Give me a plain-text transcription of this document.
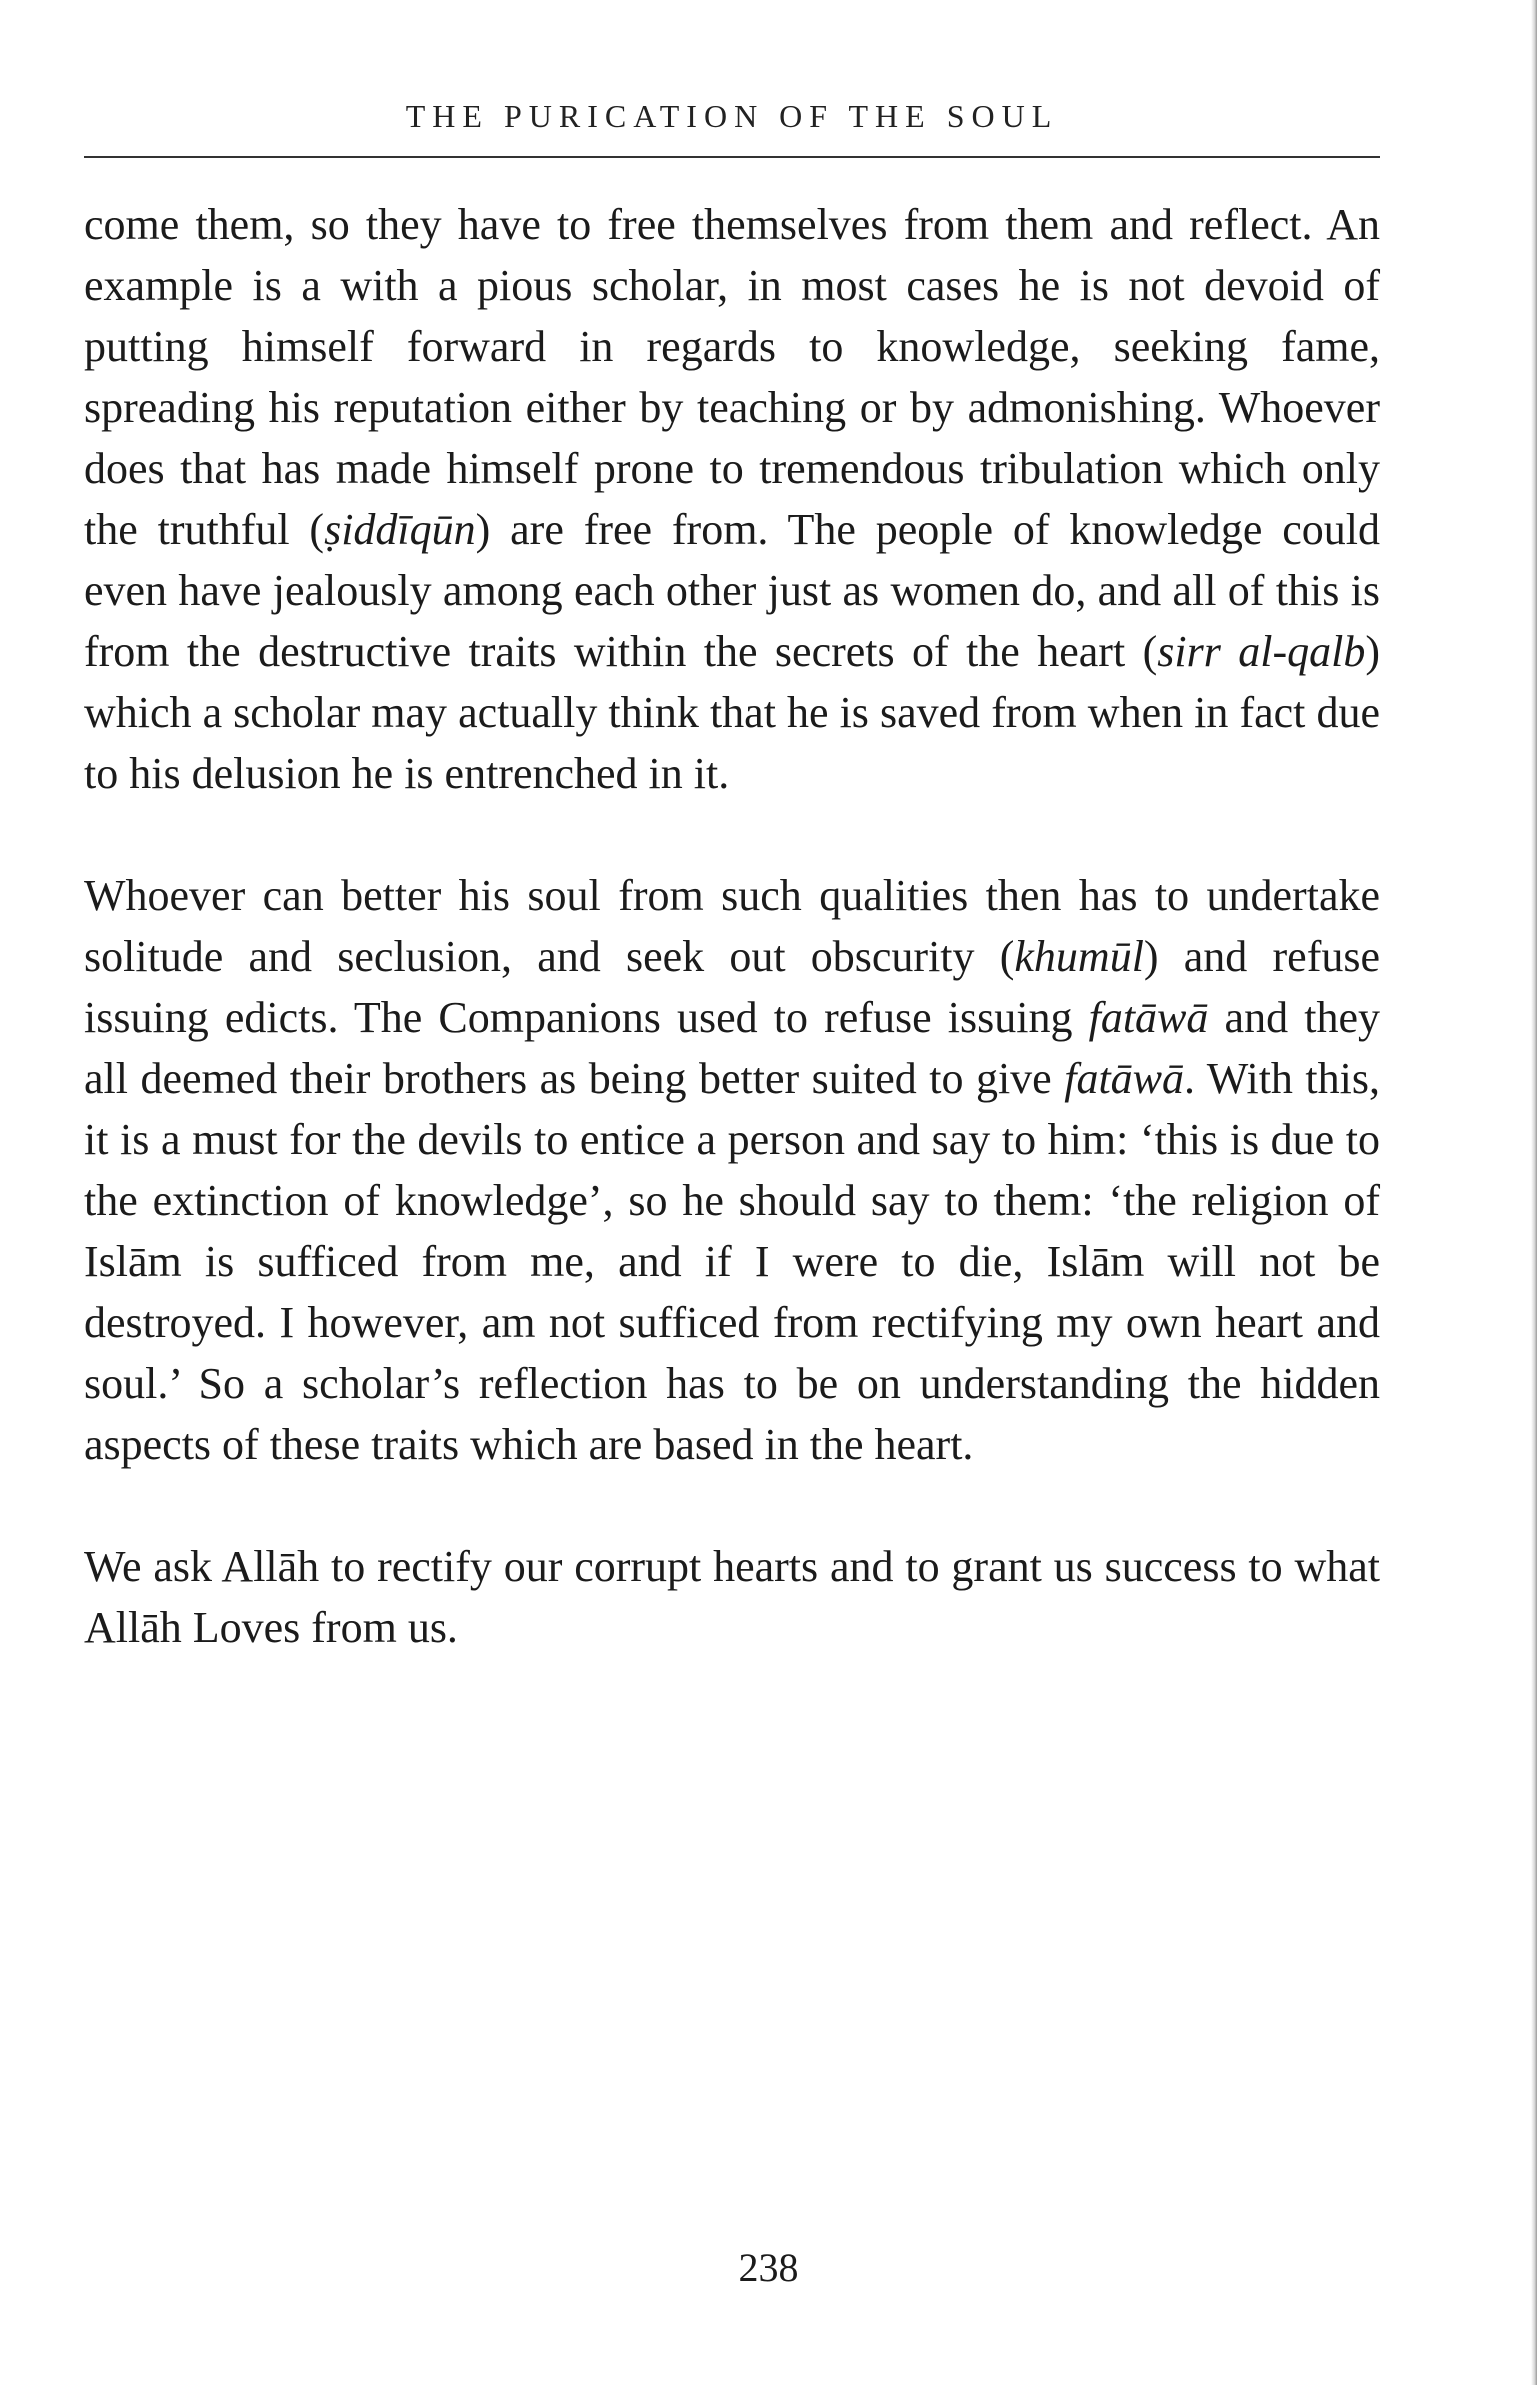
THE PURICATION OF THE SOUL

come them, so they have to free themselves from them and reflect. An example is a with a pious scholar, in most cases he is not devoid of putting himself forward in regards to knowledge, seeking fame, spreading his reputation either by teaching or by admonishing. Whoever does that has made himself prone to tremendous tribulation which only the truthful (ṣiddīqūn) are free from. The people of knowledge could even have jealously among each other just as women do, and all of this is from the destructive traits within the secrets of the heart (sirr al-qalb) which a scholar may actually think that he is saved from when in fact due to his delusion he is entrenched in it.

Whoever can better his soul from such qualities then has to undertake solitude and seclusion, and seek out obscurity (khumūl) and refuse issuing edicts. The Companions used to refuse issuing fatāwā and they all deemed their brothers as being better suited to give fatāwā. With this, it is a must for the devils to entice a person and say to him: ‘this is due to the extinction of knowledge’, so he should say to them: ‘the religion of Islām is sufficed from me, and if I were to die, Islām will not be destroyed. I however, am not sufficed from rectifying my own heart and soul.’ So a scholar’s reflection has to be on understanding the hidden aspects of these traits which are based in the heart.

We ask Allāh to rectify our corrupt hearts and to grant us success to what Allāh Loves from us.

238
